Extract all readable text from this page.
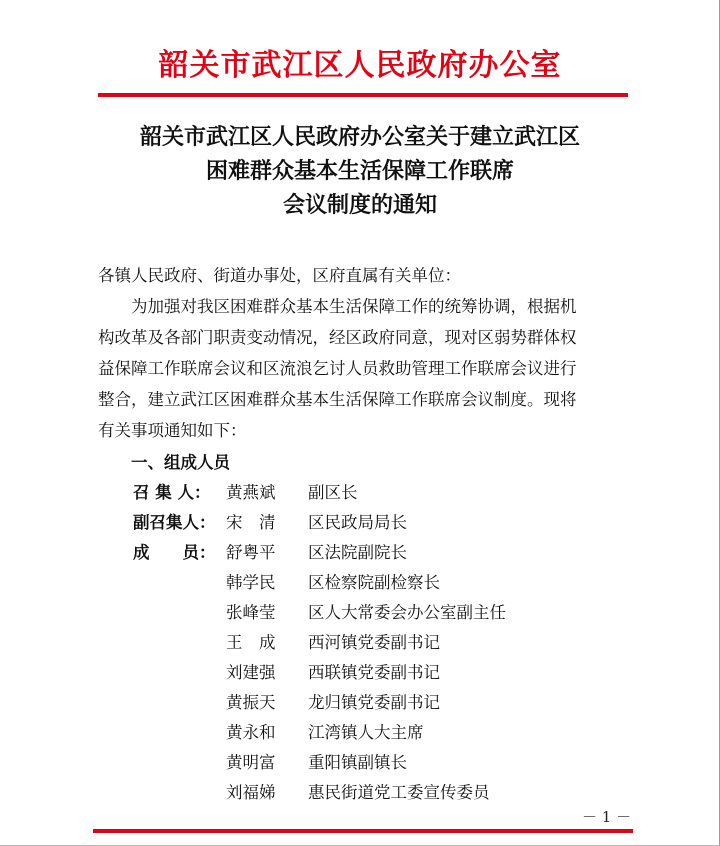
韶关市武江区人民政府办公室
韶关市武江区人民政府办公室关于建立武江区
困难群众基本生活保障工作联席
会议制度的通知
各镇人民政府、街道办事处，区府直属有关单位：
为加强对我区困难群众基本生活保障工作的统筹协调，根据机
构改革及各部门职责变动情况，经区政府同意，现对区弱势群体权
益保障工作联席会议和区流浪乞讨人员救助管理工作联席会议进行
整合，建立武江区困难群众基本生活保障工作联席会议制度。现将
有关事项通知如下：
一、组成人员
召 集 人： 黄燕斌 副区长
副召集人： 宋　清 区民政局局长
成　　员： 舒粤平 区法院副院长
韩学民 区检察院副检察长
张峰莹 区人大常委会办公室副主任
王　成 西河镇党委副书记
刘建强 西联镇党委副书记
黄振天 龙归镇党委副书记
黄永和 江湾镇人大主席
黄明富 重阳镇副镇长
刘福娣 惠民街道党工委宣传委员
－ 1 －
